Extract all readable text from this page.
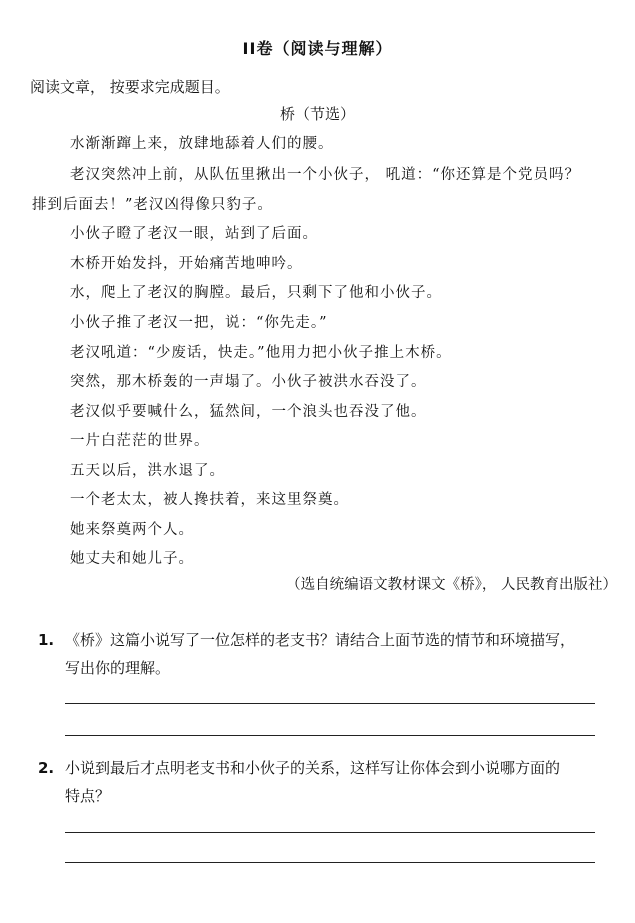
II卷（阅读与理解）
阅读文章， 按要求完成题目。
桥（节选）
水渐渐蹿上来，放肆地舔着人们的腰。
老汉突然冲上前，从队伍里揪出一个小伙子， 吼道：“你还算是个党员吗？
排到后面去！”老汉凶得像只豹子。
小伙子瞪了老汉一眼，站到了后面。
木桥开始发抖，开始痛苦地呻吟。
水，爬上了老汉的胸膛。最后，只剩下了他和小伙子。
小伙子推了老汉一把，说：“你先走。”
老汉吼道：“少废话，快走。”他用力把小伙子推上木桥。
突然，那木桥轰的一声塌了。小伙子被洪水吞没了。
老汉似乎要喊什么，猛然间，一个浪头也吞没了他。
一片白茫茫的世界。
五天以后，洪水退了。
一个老太太，被人搀扶着，来这里祭奠。
她来祭奠两个人。
她丈夫和她儿子。
（选自统编语文教材课文《桥》， 人民教育出版社）
1. 《桥》这篇小说写了一位怎样的老支书？请结合上面节选的情节和环境描写，
写出你的理解。
2. 小说到最后才点明老支书和小伙子的关系，这样写让你体会到小说哪方面的
特点？
